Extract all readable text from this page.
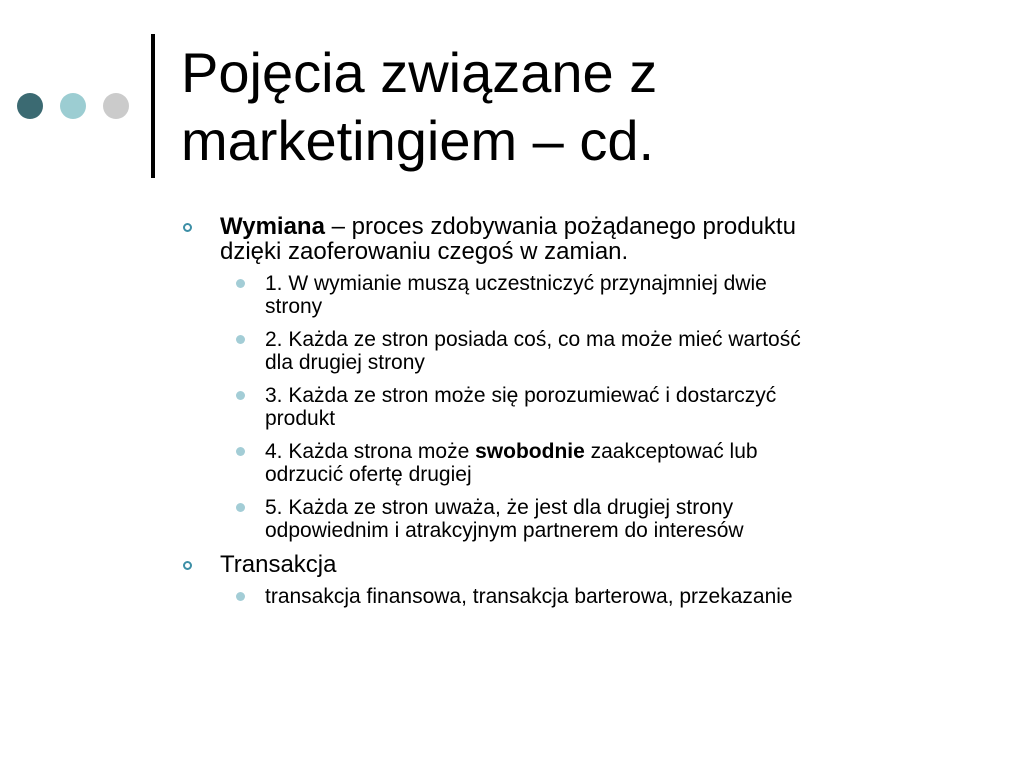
Pojęcia związane z
marketingiem – cd.
Wymiana – proces zdobywania pożądanego produktu
dzięki zaoferowaniu czegoś w zamian.
1. W wymianie muszą uczestniczyć przynajmniej dwie
strony
2. Każda ze stron posiada coś, co ma może mieć wartość
dla drugiej strony
3. Każda ze stron może się porozumiewać i dostarczyć
produkt
4. Każda strona może swobodnie zaakceptować lub
odrzucić ofertę drugiej
5. Każda ze stron uważa, że jest dla drugiej strony
odpowiednim i atrakcyjnym partnerem do interesów
Transakcja
transakcja finansowa, transakcja barterowa, przekazanie
